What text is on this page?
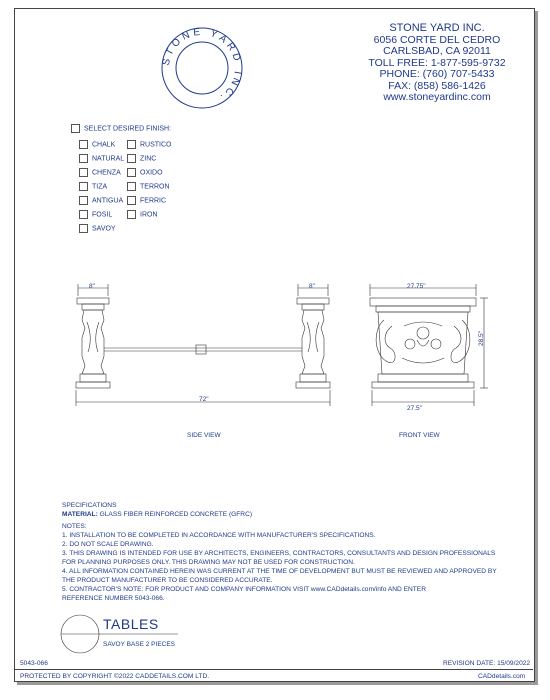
STONE YARD INC.
STONE YARD INC.
6056 CORTE DEL CEDRO
CARLSBAD, CA 92011
TOLL FREE: 1-877-595-9732
PHONE: (760) 707-5433
FAX: (858) 586-1426
www.stoneyardinc.com
SELECT DESIRED FINISH:
CHALK
NATURAL
CHENZA
TIZA
ANTIGUA
FOSIL
SAVOY
RUSTICO
ZINC
OXIDO
TERRON
FERRIC
IRON
8"	8"
72"
SIDE VIEW
27.75"
27.5"
28.5"
FRONT VIEW
SPECIFICATIONS
MATERIAL: GLASS FIBER REINFORCED CONCRETE (GFRC)
NOTES:
1. INSTALLATION TO BE COMPLETED IN ACCORDANCE WITH MANUFACTURER'S SPECIFICATIONS.
2. DO NOT SCALE DRAWING.
3. THIS DRAWING IS INTENDED FOR USE BY ARCHITECTS, ENGINEERS, CONTRACTORS, CONSULTANTS AND DESIGN PROFESSIONALS
FOR PLANNING PURPOSES ONLY. THIS DRAWING MAY NOT BE USED FOR CONSTRUCTION.
4. ALL INFORMATION CONTAINED HEREIN WAS CURRENT AT THE TIME OF DEVELOPMENT BUT MUST BE REVIEWED AND APPROVED BY
THE PRODUCT MANUFACTURER TO BE CONSIDERED ACCURATE.
5. CONTRACTOR'S NOTE: FOR PRODUCT AND COMPANY INFORMATION VISIT www.CADdetails.com/info AND ENTER
REFERENCE NUMBER 5043-066.
TABLES
SAVOY BASE 2 PIECES
5043-066	REVISION DATE: 15/09/2022
PROTECTED BY COPYRIGHT ©2022 CADDETAILS.COM LTD.	CADdetails.com
